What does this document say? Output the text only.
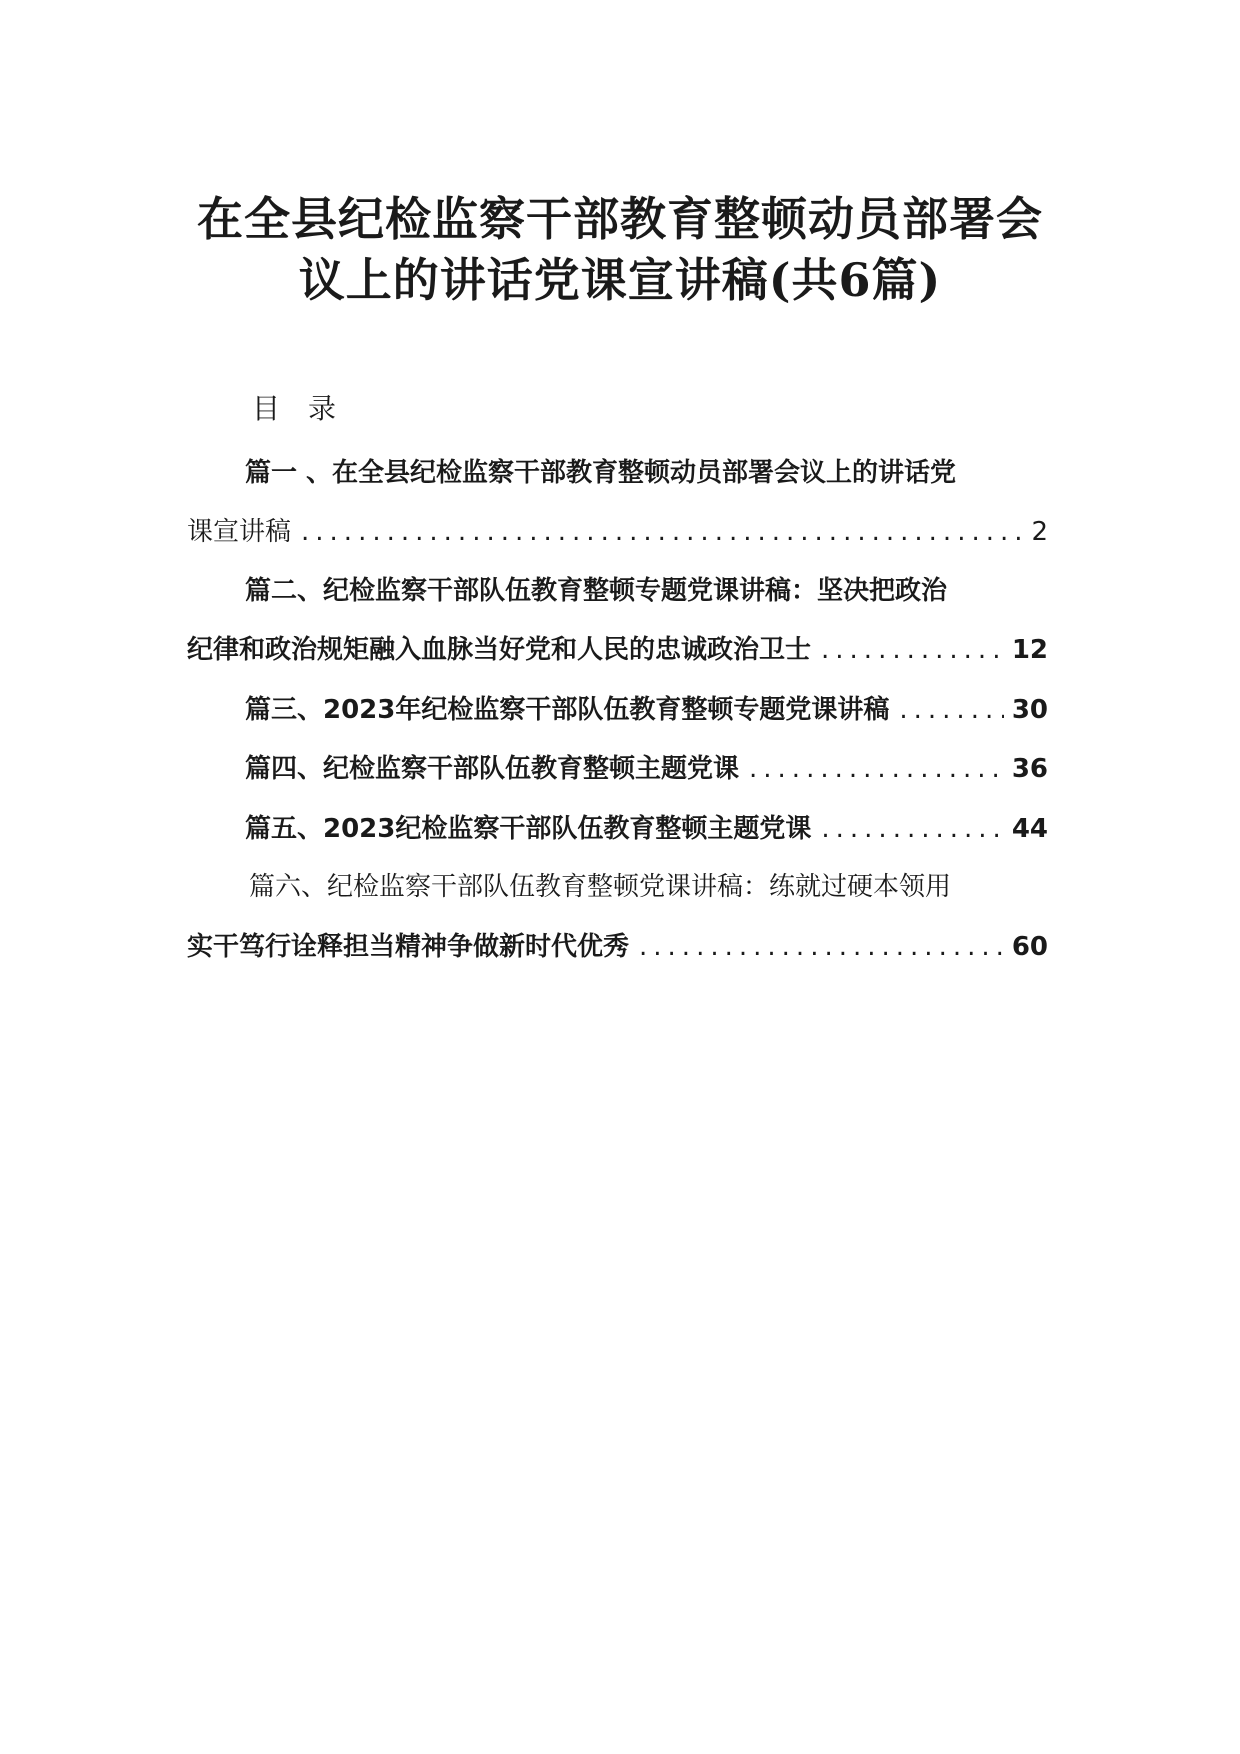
在全县纪检监察干部教育整顿动员部署会
议上的讲话党课宣讲稿(共6篇)
目录
篇一 、在全县纪检监察干部教育整顿动员部署会议上的讲话党
课宣讲稿 .....	2
篇二、纪检监察干部队伍教育整顿专题党课讲稿：坚决把政治
纪律和政治规矩融入血脉当好党和人民的忠诚政治卫士 .....	12
篇三、2023年纪检监察干部队伍教育整顿专题党课讲稿 .....	30
篇四、纪检监察干部队伍教育整顿主题党课 .....	36
篇五、2023纪检监察干部队伍教育整顿主题党课 .....	44
篇六、纪检监察干部队伍教育整顿党课讲稿：练就过硬本领用
实干笃行诠释担当精神争做新时代优秀 .....	60
